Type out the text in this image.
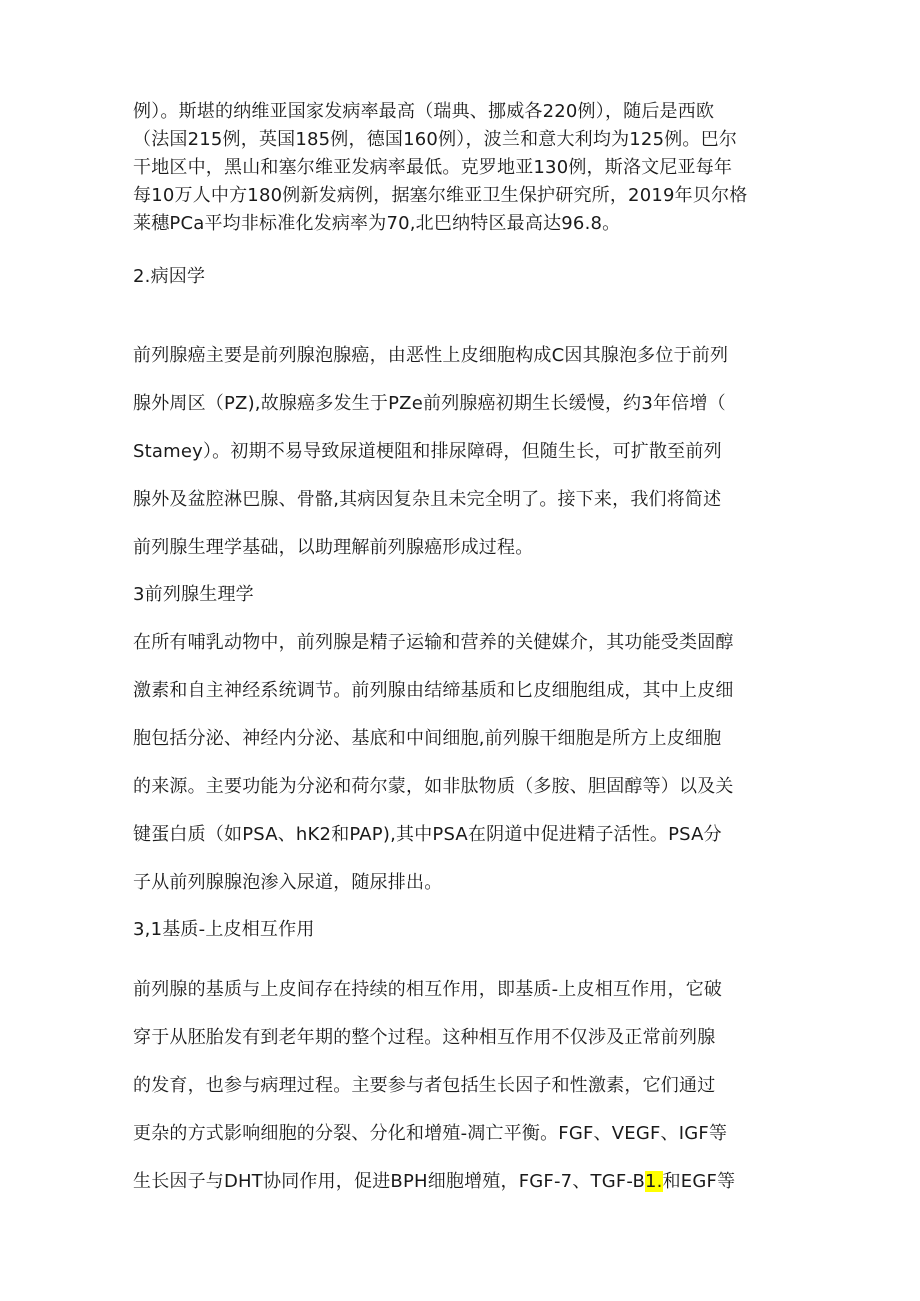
例）。斯堪的纳维亚国家发病率最高（瑞典、挪威各220例），随后是西欧
（法国215例，英国185例，德国160例），波兰和意大利均为125例。巴尔
干地区中，黑山和塞尔维亚发病率最低。克罗地亚130例，斯洛文尼亚每年
每10万人中方180例新发病例，据塞尔维亚卫生保护研究所，2019年贝尔格
莱穗PCa平均非标准化发病率为70,北巴纳特区最高达96.8。
2.病因学
前列腺癌主要是前列腺泡腺癌，由恶性上皮细胞构成C因其腺泡多位于前列
腺外周区（PZ),故腺癌多发生于PZe前列腺癌初期生长缓慢，约3年倍增（
Stamey）。初期不易导致尿道梗阻和排尿障碍，但随生长，可扩散至前列
腺外及盆腔淋巴腺、骨骼,其病因复杂且未完全明了。接下来，我们将简述
前列腺生理学基础，以助理解前列腺癌形成过程。
3前列腺生理学
在所有哺乳动物中，前列腺是精子运输和营养的关健媒介，其功能受类固醇
激素和自主神经系统调节。前列腺由结缔基质和匕皮细胞组成，其中上皮细
胞包括分泌、神经内分泌、基底和中间细胞,前列腺干细胞是所方上皮细胞
的来源。主要功能为分泌和荷尔蒙，如非肽物质（多胺、胆固醇等）以及关
键蛋白质（如PSA、hK2和PAP),其中PSA在阴道中促进精子活性。PSA分
子从前列腺腺泡渗入尿道，随尿排出。
3,1基质-上皮相互作用
前列腺的基质与上皮间存在持续的相互作用，即基质-上皮相互作用，它破
穿于从胚胎发有到老年期的整个过程。这种相互作用不仅涉及正常前列腺
的发育，也参与病理过程。主要参与者包括生长因子和性激素，它们通过
更杂的方式影响细胞的分裂、分化和增殖-凋亡平衡。FGF、VEGF、IGF等
生长因子与DHT协同作用，促进BPH细胞增殖，FGF-7、TGF-B1.和EGF等
